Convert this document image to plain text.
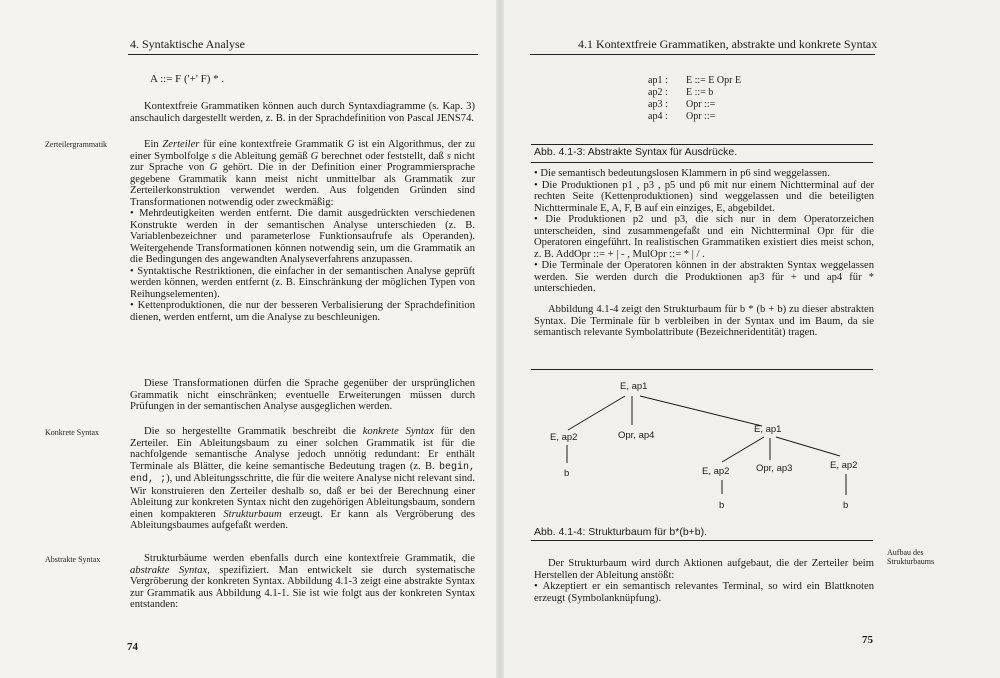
4. Syntaktische Analyse
A ::= F ('+' F) * .

Kontextfreie Grammatiken können auch durch Syntaxdiagramme (s. Kap. 3) anschaulich dargestellt werden, z. B. in der Sprachdefinition von Pascal JENS74.

Zerteilergrammatik	Ein Zerteiler für eine kontextfreie Grammatik G ist ein Algorithmus, der zu einer Symbolfolge s die Ableitung gemäß G berechnet oder feststellt, daß s nicht zur Sprache von G gehört. Die in der Definition einer Programmiersprache gegebene Grammatik kann meist nicht unmittelbar als Grammatik zur Zerteilerkonstruktion verwendet werden. Aus folgenden Gründen sind Transformationen notwendig oder zweckmäßig:

• Mehrdeutigkeiten werden entfernt. Die damit ausgedrückten verschiedenen Konstrukte werden in der semantischen Analyse unterschieden (z. B. Variablenbezeichner und parameterlose Funktionsaufrufe als Operanden). Weitergehende Transformationen können notwendig sein, um die Grammatik an die Bedingungen des angewandten Analyseverfahrens anzupassen.

• Syntaktische Restriktionen, die einfacher in der semantischen Analyse geprüft werden können, werden entfernt (z. B. Einschränkung der möglichen Typen von Reihungselementen).

• Kettenproduktionen, die nur der besseren Verbalisierung der Sprachdefinition dienen, werden entfernt, um die Analyse zu beschleunigen.

Diese Transformationen dürfen die Sprache gegenüber der ursprünglichen Grammatik nicht einschränken; eventuelle Erweiterungen müssen durch Prüfungen in der semantischen Analyse ausgeglichen werden.

Konkrete Syntax	Die so hergestellte Grammatik beschreibt die konkrete Syntax für den Zerteiler. Ein Ableitungsbaum zu einer solchen Grammatik ist für die nachfolgende semantische Analyse jedoch unnötig redundant: Er enthält Terminale als Blätter, die keine semantische Bedeutung tragen (z. B. begin, end, ;), und Ableitungsschritte, die für die weitere Analyse nicht relevant sind. Wir konstruieren den Zerteiler deshalb so, daß er bei der Berechnung einer Ableitung zur konkreten Syntax nicht den zugehörigen Ableitungsbaum, sondern einen kompakteren Strukturbaum erzeugt. Er kann als Vergröberung des Ableitungsbaumes aufgefaßt werden.

Abstrakte Syntax	Strukturbäume werden ebenfalls durch eine kontextfreie Grammatik, die abstrakte Syntax, spezifiziert. Man entwickelt sie durch systematische Vergröberung der konkreten Syntax. Abbildung 4.1-3 zeigt eine abstrakte Syntax zur Grammatik aus Abbildung 4.1-1. Sie ist wie folgt aus der konkreten Syntax entstanden:

74
4.1 Kontextfreie Grammatiken, abstrakte und konkrete Syntax
ap1 :	E ::= E Opr E
ap2 :	E ::= b
ap3 :	Opr ::=
ap4 :	Opr ::=
Abb. 4.1-3: Abstrakte Syntax für Ausdrücke.

• Die semantisch bedeutungslosen Klammern in p6 sind weggelassen.

• Die Produktionen p1 , p3 , p5 und p6 mit nur einem Nichtterminal auf der rechten Seite (Kettenproduktionen) sind weggelassen und die beteiligten Nichtterminale E, A, F, B auf ein einziges, E, abgebildet.

• Die Produktionen p2 und p3, die sich nur in dem Operatorzeichen unterscheiden, sind zusammengefaßt und ein Nichtterminal Opr für die Operatoren eingeführt. In realistischen Grammatiken existiert dies meist schon, z. B. AddOpr ::= + | - , MulOpr ::= * | / .

• Die Terminale der Operatoren können in der abstrakten Syntax weggelassen werden. Sie werden durch die Produktionen ap3 für + und ap4 für * unterschieden.

Abbildung 4.1-4 zeigt den Strukturbaum für b * (b + b) zu dieser abstrakten Syntax. Die Terminale für b verbleiben in der Syntax und im Baum, da sie semantisch relevante Symbolattribute (Bezeichneridentität) tragen.

E, ap1
E, ap2
b
Opr, ap4
E, ap1
E, ap2
b
Opr, ap3	E, ap2
b
Abb. 4.1-4: Strukturbaum für b*(b+b).
Aufbau des Strukturbaums

Der Strukturbaum wird durch Aktionen aufgebaut, die der Zerteiler beim Herstellen der Ableitung anstößt:

• Akzeptiert er ein semantisch relevantes Terminal, so wird ein Blattknoten erzeugt (Symbolanknüpfung).

75
